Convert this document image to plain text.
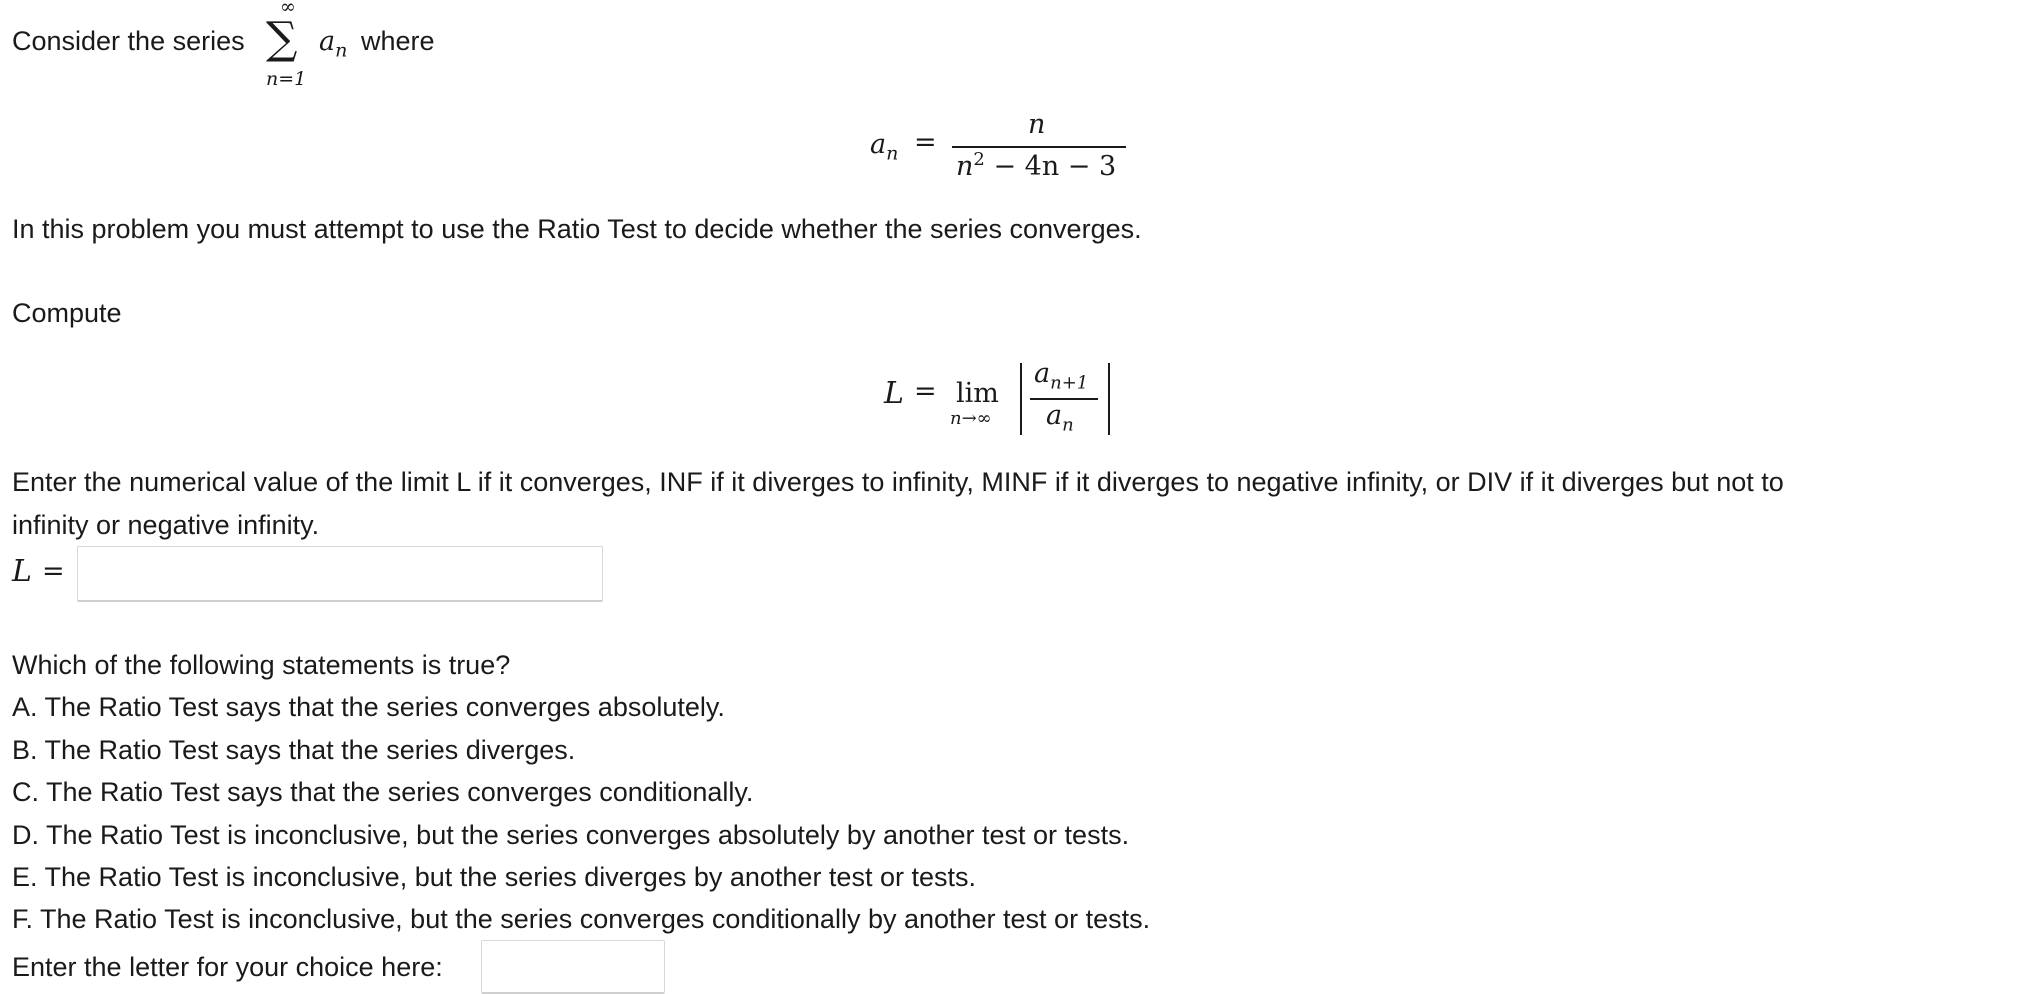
Consider the series
∞
∑
n=1
$a_n$ where
$a_n$ =
n
$n^2 - 4n - 3$
In this problem you must attempt to use the Ratio Test to decide whether the series converges.
Compute
L = lim
n→∞
$a_{n+1}$
$a_n$
Enter the numerical value of the limit L if it converges, INF if it diverges to infinity, MINF if it diverges to negative infinity, or DIV if it diverges but not to
infinity or negative infinity.
L =
Which of the following statements is true?
A. The Ratio Test says that the series converges absolutely.
B. The Ratio Test says that the series diverges.
C. The Ratio Test says that the series converges conditionally.
D. The Ratio Test is inconclusive, but the series converges absolutely by another test or tests.
E. The Ratio Test is inconclusive, but the series diverges by another test or tests.
F. The Ratio Test is inconclusive, but the series converges conditionally by another test or tests.
Enter the letter for your choice here:
